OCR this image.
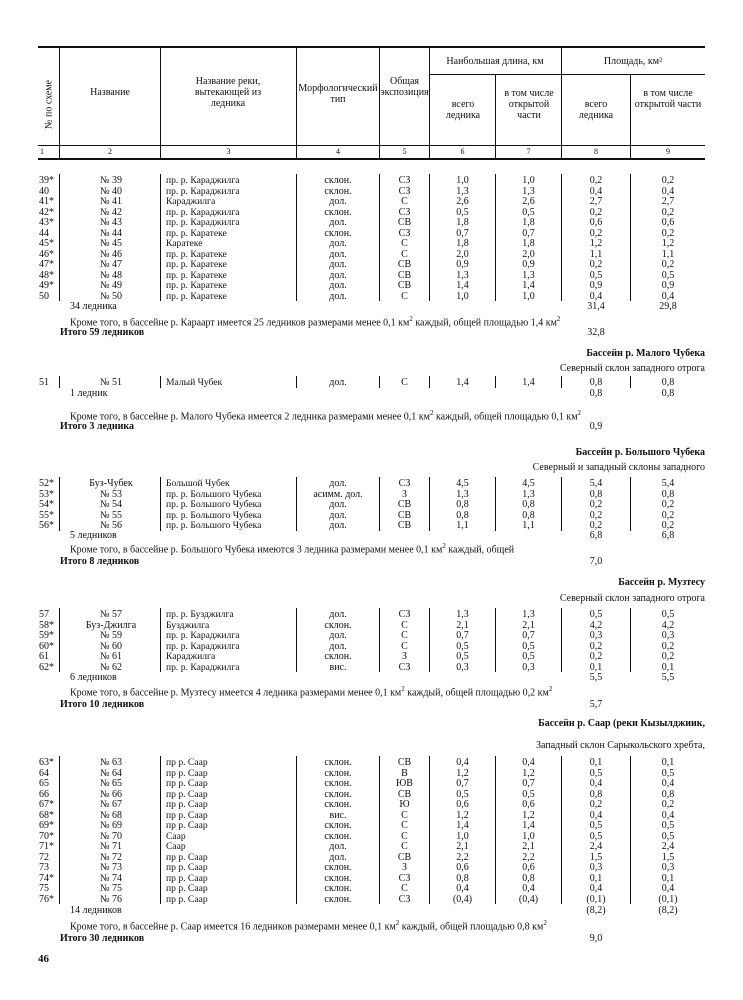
№ по схеме	Название
Название реки, вытекающей из ледника
Морфологический тип
Общая экспозиция
Наибольшая длина, км
всего ледника
в том числе открытой части
Площадь, км²
всего ледника
в том числе открытой части
1	2	3	4	5	6	7	8	9
39*	№ 39	пр. р. Караджилга	склон.	СЗ	1,0	1,0	0,2	0,2
40	№ 40	пр. р. Караджилга	склон.	СЗ	1,3	1,3	0,4	0,4
41*	№ 41	Караджилга	дол.	С	2,6	2,6	2,7	2,7
42*	№ 42	пр. р. Караджилга	склон.	СЗ	0,5	0,5	0,2	0,2
43*	№ 43	пр. р. Караджилга	дол.	СВ	1,8	1,8	0,6	0,6
44	№ 44	пр. р. Каратеке	склон.	СЗ	0,7	0,7	0,2	0,2
45*	№ 45	Каратеке	дол.	С	1,8	1,8	1,2	1,2
46*	№ 46	пр. р. Каратеке	дол.	С	2,0	2,0	1,1	1,1
47*	№ 47	пр. р. Каратеке	дол.	СВ	0,9	0,9	0,2	0,2
48*	№ 48	пр. р. Каратеке	дол.	СВ	1,3	1,3	0,5	0,5
49*	№ 49	пр. р. Каратеке	дол.	СВ	1,4	1,4	0,9	0,9
50	№ 50	пр. р. Каратеке	дол.	С	1,0	1,0	0,4	0,4
34 ледника	31,4	29,8
Кроме того, в бассейне р. Караарт имеется 25 ледников размерами менее 0,1 $км^2$ каждый, общей площадью 1,4 $км^2$
Итого 59 ледников	32,8
Бассейн р. Малого Чубека
Северный склон западного отрога
51	№ 51	Малый Чубек	дол.	С	1,4	1,4	0,8	0,8
1 ледник	0,8	0,8
Кроме того, в бассейне р. Малого Чубека имеется 2 ледника размерами менее 0,1 $км^2$ каждый, общей площадью 0,1 $км^2$
Итого 3 ледника	0,9
Бассейн р. Большого Чубека
Северный и западный склоны западного
52*	Буз-Чубек	Большой Чубек	дол.	СЗ	4,5	4,5	5,4	5,4
53*	№ 53	пр. р. Большого Чубека	асимм. дол.	З	1,3	1,3	0,8	0,8
54*	№ 54	пр. р. Большого Чубека	дол.	СВ	0,8	0,8	0,2	0,2
55*	№ 55	пр. р. Большого Чубека	дол.	СВ	0,8	0,8	0,2	0,2
56*	№ 56	пр. р. Большого Чубека	дол.	СВ	1,1	1,1	0,2	0,2
5 ледников	6,8	6,8
Кроме того, в бассейне р. Большого Чубека имеются 3 ледника размерами менее 0,1 $км^2$ каждый, общей
Итого 8 ледников	7,0
Бассейн р. Музтесу
Северный склон западного отрога
57	№ 57	пр. р. Бузджилга	дол.	СЗ	1,3	1,3	0,5	0,5
58*	Буз-Джилга	Бузджилга	склон.	С	2,1	2,1	4,2	4,2
59*	№ 59	пр. р. Караджилга	дол.	С	0,7	0,7	0,3	0,3
60*	№ 60	пр. р. Караджилга	дол.	С	0,5	0,5	0,2	0,2
61	№ 61	Караджилга	склон.	З	0,5	0,5	0,2	0,2
62*	№ 62	пр. р. Караджилга	вис.	СЗ	0,3	0,3	0,1	0,1
6 ледников	5,5	5,5
Кроме того, в бассейне р. Музтесу имеется 4 ледника размерами менее 0,1 $км^2$ каждый, общей площадью 0,2 $км^2$
Итого 10 ледников	5,7
Бассейн р. Саар (реки Кызылджиик,
Западный склон Сарыкольского хребта,
63*	№ 63	пр р. Саар	склон.	СВ	0,4	0,4	0,1	0,1
64	№ 64	пр р. Саар	склон.	В	1,2	1,2	0,5	0,5
65	№ 65	пр р. Саар	склон.	ЮВ	0,7	0,7	0,4	0,4
66	№ 66	пр р. Саар	склон.	СВ	0,5	0,5	0,8	0,8
67*	№ 67	пр р. Саар	склон.	Ю	0,6	0,6	0,2	0,2
68*	№ 68	пр р. Саар	вис.	С	1,2	1,2	0,4	0,4
69*	№ 69	пр р. Саар	склон.	С	1,4	1,4	0,5	0,5
70*	№ 70	Саар	склон.	С	1,0	1,0	0,5	0,5
71*	№ 71	Саар	дол.	С	2,1	2,1	2,4	2,4
72	№ 72	пр р. Саар	дол.	СВ	2,2	2,2	1,5	1,5
73	№ 73	пр р. Саар	склон.	З	0,6	0,6	0,3	0,3
74*	№ 74	пр р. Саар	склон.	СЗ	0,8	0,8	0,1	0,1
75	№ 75	пр р. Саар	склон.	С	0,4	0,4	0,4	0,4
76*	№ 76	пр р. Саар	склон.	СЗ	(0,4)	(0,4)	(0,1)	(0,1)
14 ледников	(8,2)	(8,2)
Кроме того, в бассейне р. Саар имеется 16 ледников размерами менее 0,1 $км^2$ каждый, общей площадью 0,8 $км^2$
Итого 30 ледников	9,0
46
